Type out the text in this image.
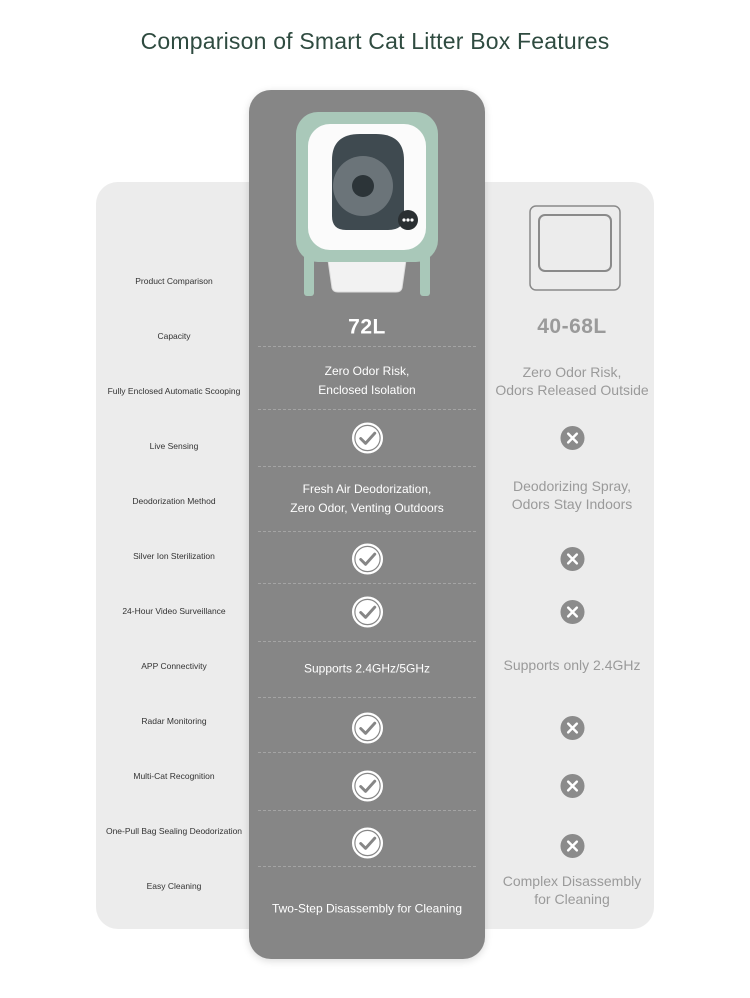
Comparison of Smart Cat Litter Box Features
Product Comparison
Capacity
Fully Enclosed Automatic Scooping
Live Sensing
Deodorization Method
Silver Ion Sterilization
24-Hour Video Surveillance
APP Connectivity
Radar Monitoring
Multi-Cat Recognition
One-Pull Bag Sealing Deodorization
Easy Cleaning
72L	40-68L
Zero Odor Risk,
Enclosed Isolation
Zero Odor Risk,
Odors Released Outside
Fresh Air Deodorization,
Zero Odor, Venting Outdoors
Deodorizing Spray,
Odors Stay Indoors
Supports 2.4GHz/5GHz	Supports only 2.4GHz
Two-Step Disassembly for Cleaning
Complex Disassembly
for Cleaning
